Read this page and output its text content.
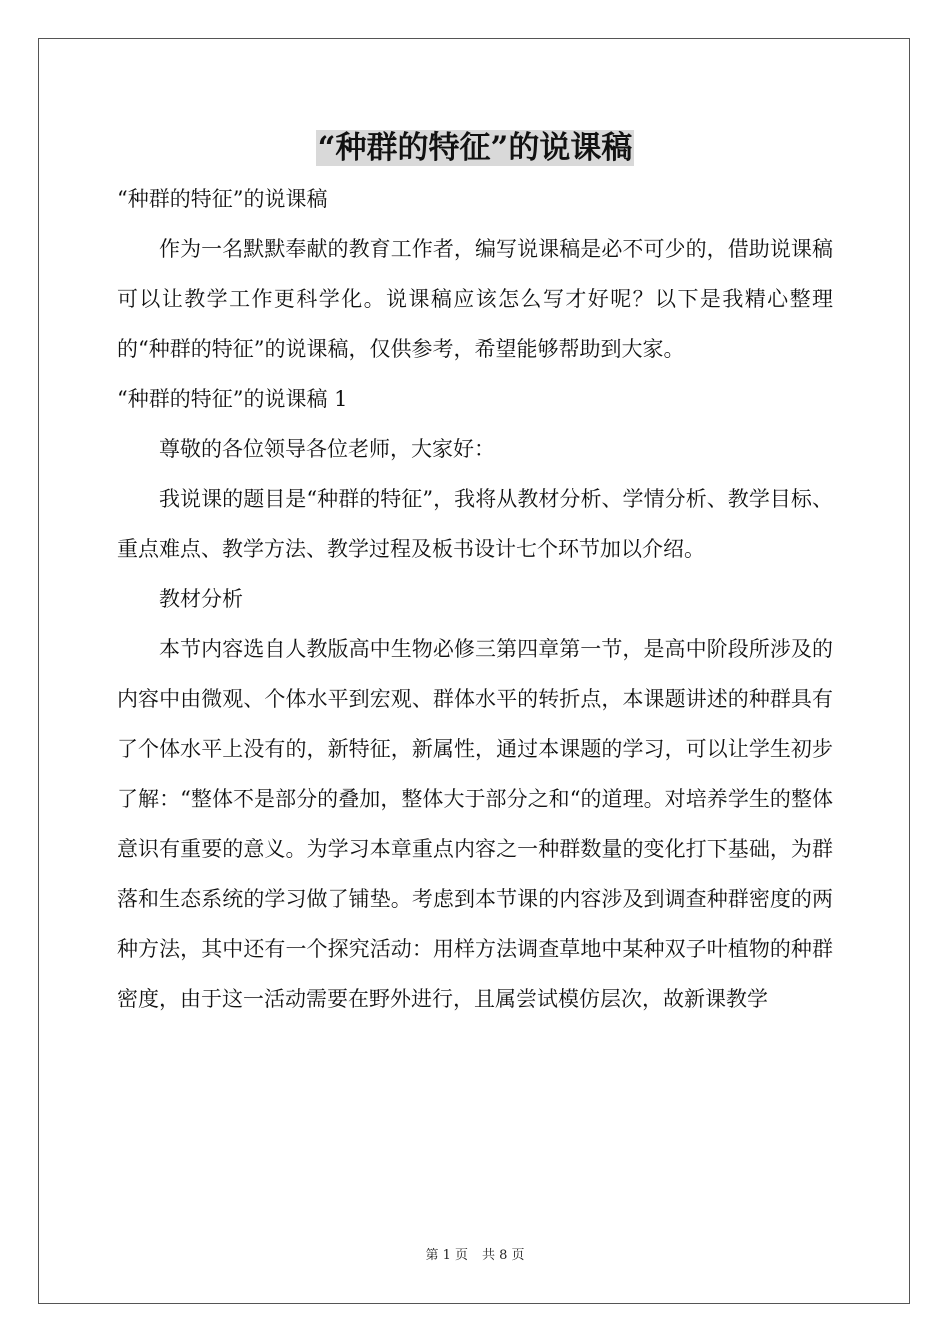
“种群的特征”的说课稿

“种群的特征”的说课稿

作为一名默默奉献的教育工作者，编写说课稿是必不可少的，借助说课稿可以让教学工作更科学化。说课稿应该怎么写才好呢？以下是我精心整理的“种群的特征”的说课稿，仅供参考，希望能够帮助到大家。

“种群的特征”的说课稿 1

尊敬的各位领导各位老师，大家好：

我说课的题目是“种群的特征”，我将从教材分析、学情分析、教学目标、重点难点、教学方法、教学过程及板书设计七个环节加以介绍。

教材分析

本节内容选自人教版高中生物必修三第四章第一节，是高中阶段所涉及的内容中由微观、个体水平到宏观、群体水平的转折点，本课题讲述的种群具有了个体水平上没有的，新特征，新属性，通过本课题的学习，可以让学生初步了解：“整体不是部分的叠加，整体大于部分之和“的道理。对培养学生的整体意识有重要的意义。为学习本章重点内容之一种群数量的变化打下基础，为群落和生态系统的学习做了铺垫。考虑到本节课的内容涉及到调查种群密度的两种方法，其中还有一个探究活动：用样方法调查草地中某种双子叶植物的种群密度，由于这一活动需要在野外进行，且属尝试模仿层次，故新课教学

第 1 页 共 8 页
